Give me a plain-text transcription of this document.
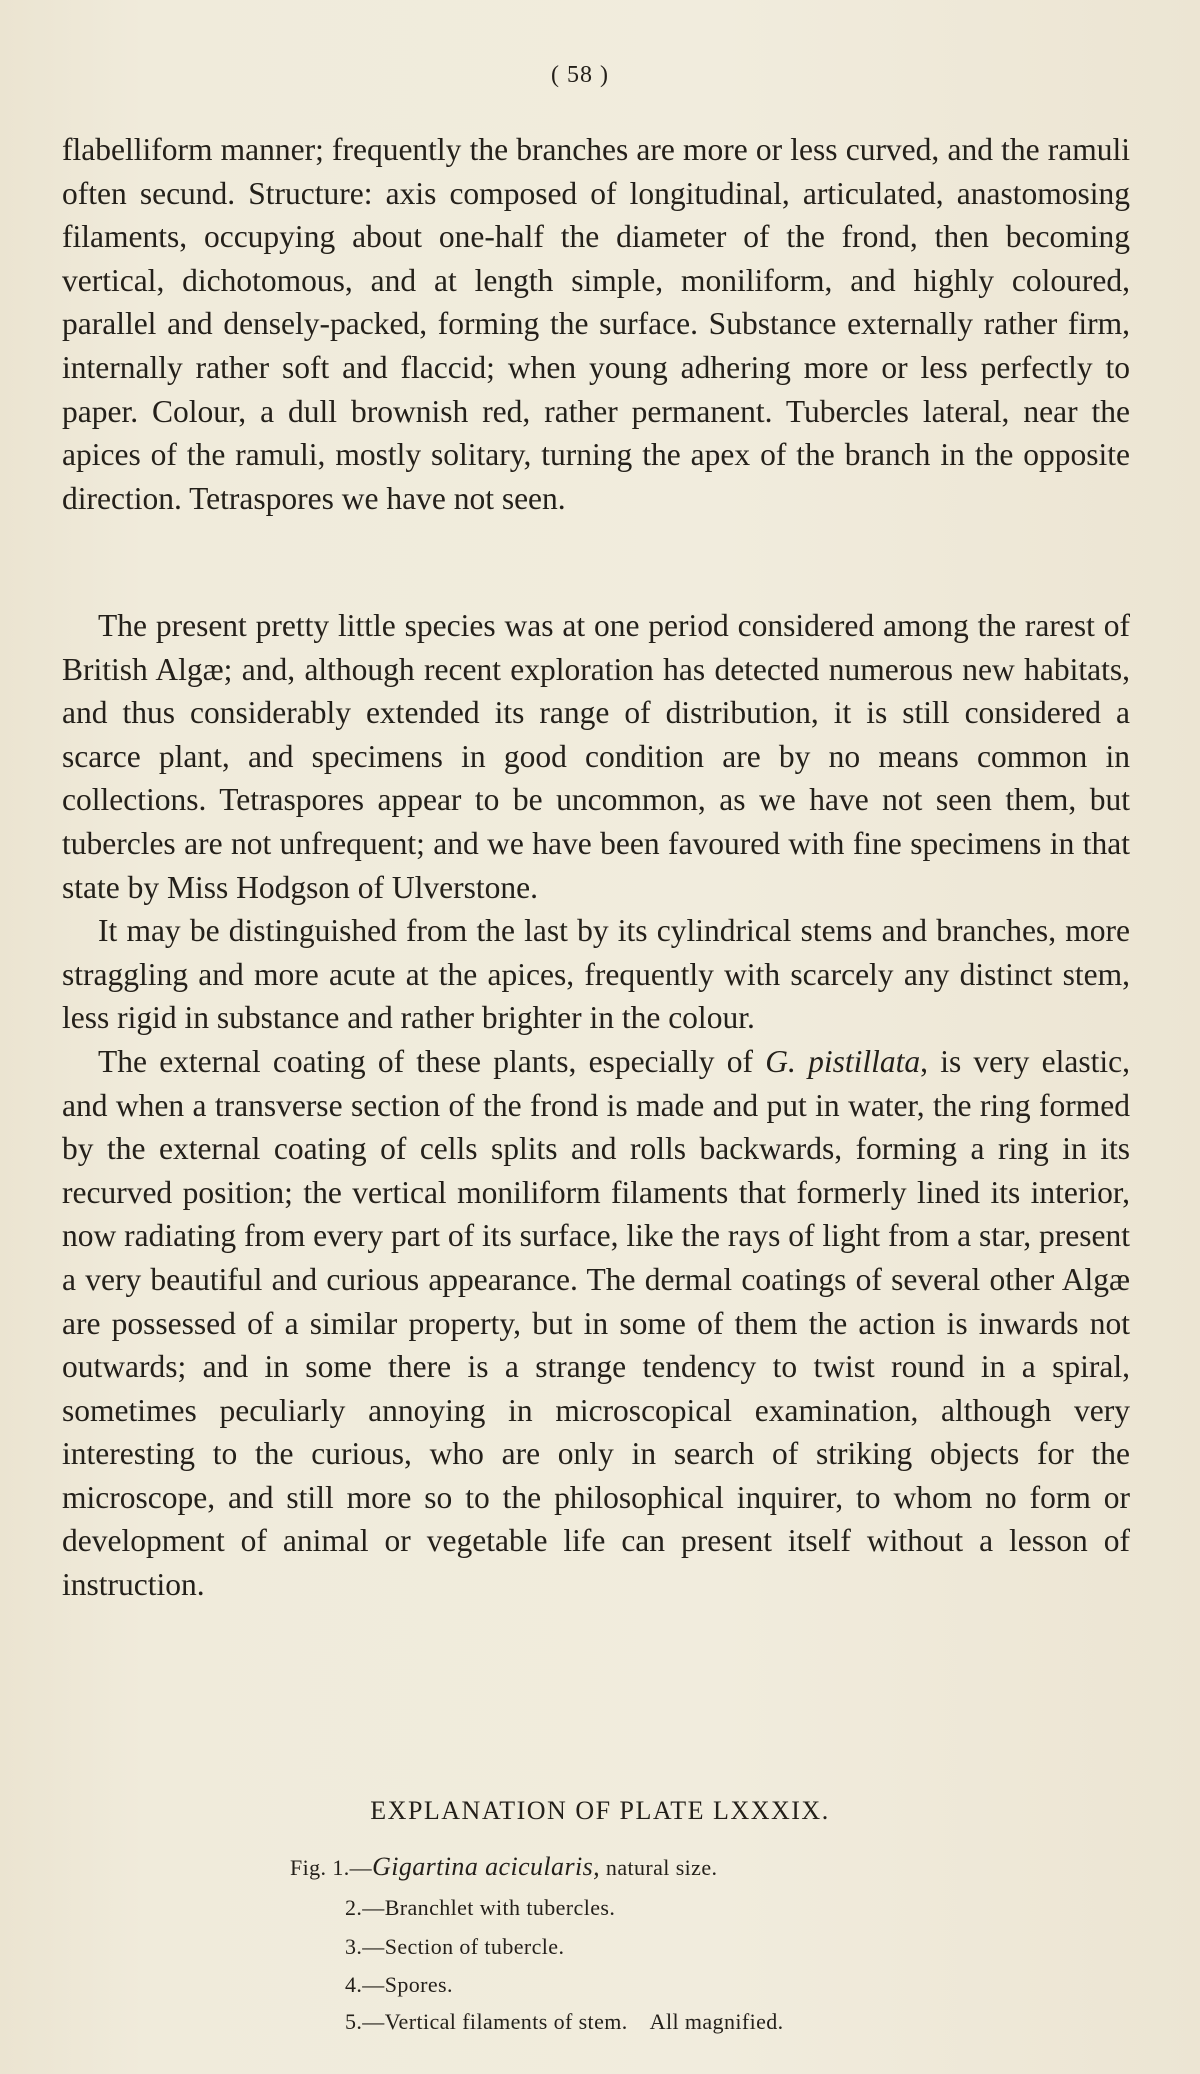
( 58 )

flabelliform manner; frequently the branches are more or less curved, and the ramuli often secund. Structure: axis composed of longitudinal, articulated, anastomosing filaments, occupying about one-half the diameter of the frond, then becoming vertical, dichotomous, and at length simple, moniliform, and highly coloured, parallel and densely-packed, forming the surface. Substance externally rather firm, internally rather soft and flaccid; when young adhering more or less perfectly to paper. Colour, a dull brownish red, rather permanent. Tubercles lateral, near the apices of the ramuli, mostly solitary, turning the apex of the branch in the opposite direction. Tetraspores we have not seen.

The present pretty little species was at one period considered among the rarest of British Algæ; and, although recent exploration has detected numerous new habitats, and thus considerably extended its range of distribution, it is still considered a scarce plant, and specimens in good condition are by no means common in collections. Tetraspores appear to be uncommon, as we have not seen them, but tubercles are not unfrequent; and we have been favoured with fine specimens in that state by Miss Hodgson of Ulverstone.

It may be distinguished from the last by its cylindrical stems and branches, more straggling and more acute at the apices, frequently with scarcely any distinct stem, less rigid in substance and rather brighter in the colour.

The external coating of these plants, especially of G. pistillata, is very elastic, and when a transverse section of the frond is made and put in water, the ring formed by the external coating of cells splits and rolls backwards, forming a ring in its recurved position; the vertical moniliform filaments that formerly lined its interior, now radiating from every part of its surface, like the rays of light from a star, present a very beautiful and curious appearance. The dermal coatings of several other Algæ are possessed of a similar property, but in some of them the action is inwards not outwards; and in some there is a strange tendency to twist round in a spiral, sometimes peculiarly annoying in microscopical examination, although very interesting to the curious, who are only in search of striking objects for the microscope, and still more so to the philosophical inquirer, to whom no form or development of animal or vegetable life can present itself without a lesson of instruction.

EXPLANATION OF PLATE LXXXIX.
Fig. 1.—Gigartina acicularis, natural size.
2.—Branchlet with tubercles.
3.—Section of tubercle.
4.—Spores.
5.—Vertical filaments of stem. All magnified.
